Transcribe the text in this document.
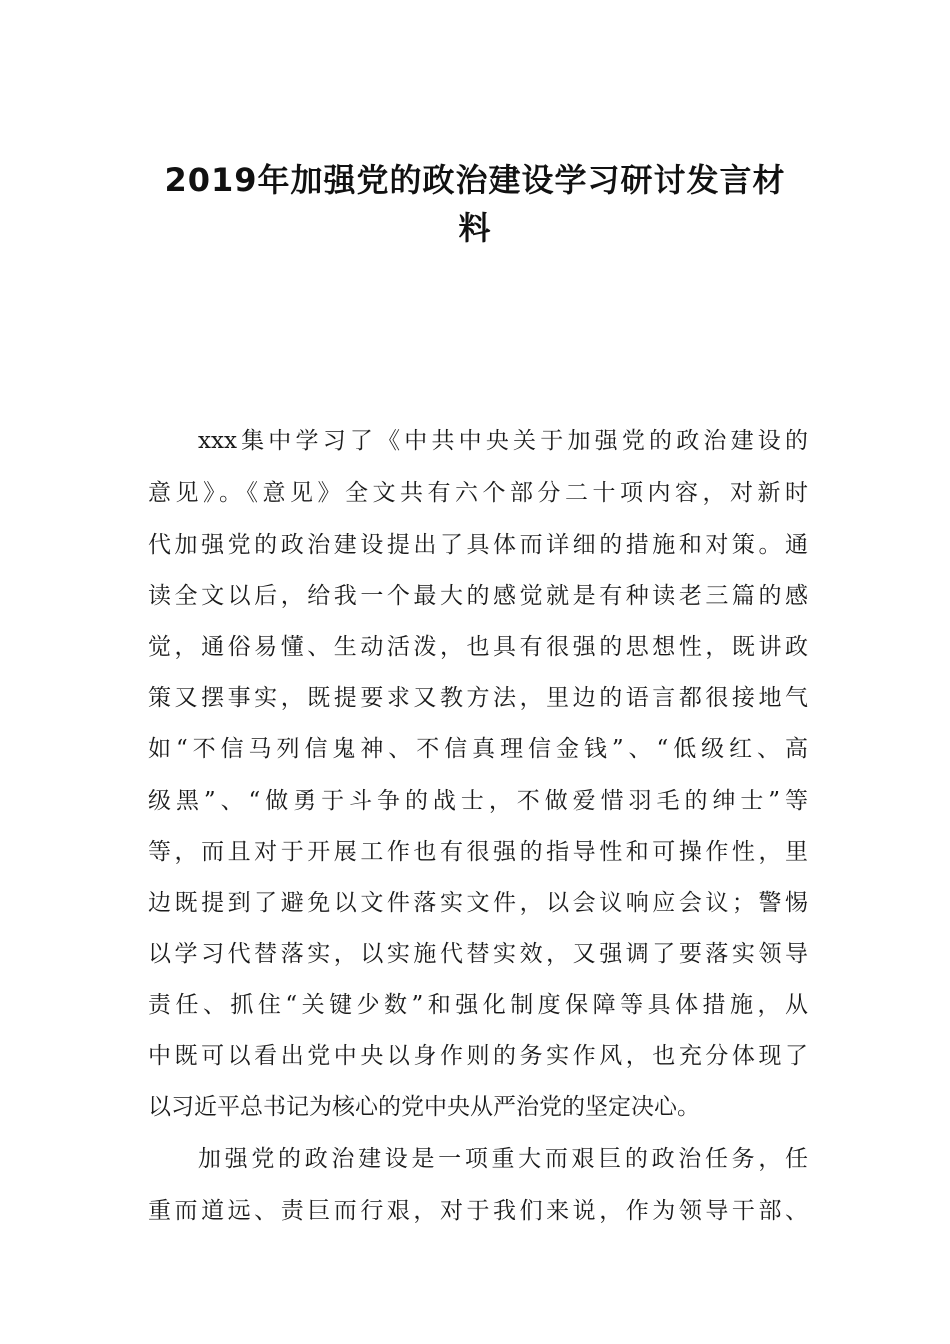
2019年加强党的政治建设学习研讨发言材
料
xxx集中学习了《中共中央关于加强党的政治建设的
意见》。《意见》全文共有六个部分二十项内容，对新时
代加强党的政治建设提出了具体而详细的措施和对策。通
读全文以后，给我一个最大的感觉就是有种读老三篇的感
觉，通俗易懂、生动活泼，也具有很强的思想性，既讲政
策又摆事实，既提要求又教方法，里边的语言都很接地气
如“不信马列信鬼神、不信真理信金钱”、“低级红、高
级黑”、“做勇于斗争的战士，不做爱惜羽毛的绅士”等
等，而且对于开展工作也有很强的指导性和可操作性，里
边既提到了避免以文件落实文件，以会议响应会议；警惕
以学习代替落实，以实施代替实效，又强调了要落实领导
责任、抓住“关键少数”和强化制度保障等具体措施，从
中既可以看出党中央以身作则的务实作风，也充分体现了
以习近平总书记为核心的党中央从严治党的坚定决心。
加强党的政治建设是一项重大而艰巨的政治任务，任
重而道远、责巨而行艰，对于我们来说，作为领导干部、
